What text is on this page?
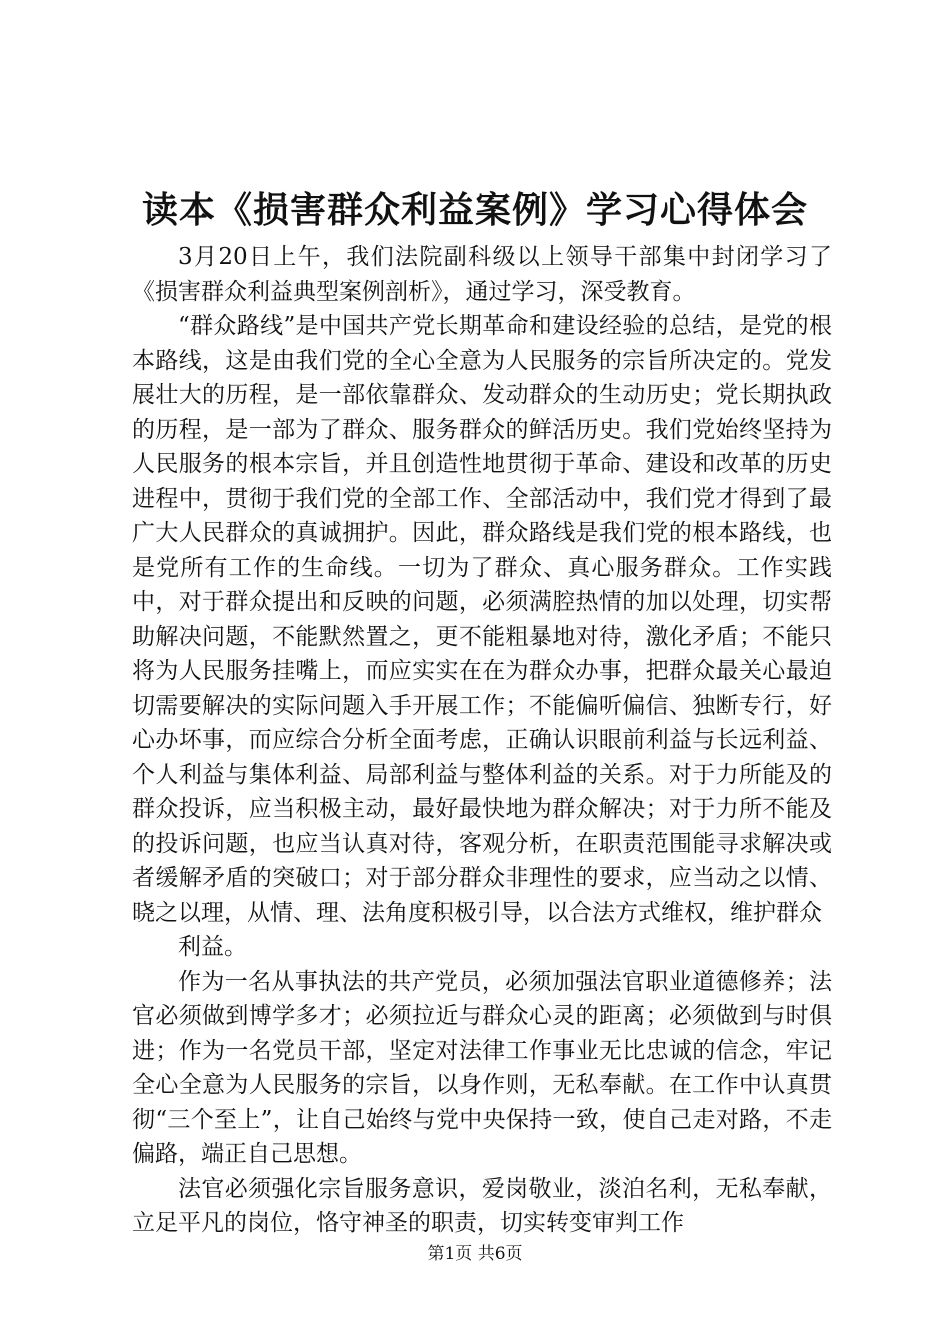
读本《损害群众利益案例》学习心得体会

3月20日上午，我们法院副科级以上领导干部集中封闭学习了《损害群众利益典型案例剖析》，通过学习，深受教育。

“群众路线”是中国共产党长期革命和建设经验的总结，是党的根本路线，这是由我们党的全心全意为人民服务的宗旨所决定的。党发展壮大的历程，是一部依靠群众、发动群众的生动历史；党长期执政的历程，是一部为了群众、服务群众的鲜活历史。我们党始终坚持为人民服务的根本宗旨，并且创造性地贯彻于革命、建设和改革的历史进程中，贯彻于我们党的全部工作、全部活动中，我们党才得到了最广大人民群众的真诚拥护。因此，群众路线是我们党的根本路线，也是党所有工作的生命线。一切为了群众、真心服务群众。工作实践中，对于群众提出和反映的问题，必须满腔热情的加以处理，切实帮助解决问题，不能默然置之，更不能粗暴地对待，激化矛盾；不能只将为人民服务挂嘴上，而应实实在在为群众办事，把群众最关心最迫切需要解决的实际问题入手开展工作；不能偏听偏信、独断专行，好心办坏事，而应综合分析全面考虑，正确认识眼前利益与长远利益、个人利益与集体利益、局部利益与整体利益的关系。对于力所能及的群众投诉，应当积极主动，最好最快地为群众解决；对于力所不能及的投诉问题，也应当认真对待，客观分析，在职责范围能寻求解决或者缓解矛盾的突破口；对于部分群众非理性的要求，应当动之以情、晓之以理，从情、理、法角度积极引导，以合法方式维权，维护群众

利益。

作为一名从事执法的共产党员，必须加强法官职业道德修养；法官必须做到博学多才；必须拉近与群众心灵的距离；必须做到与时俱进；作为一名党员干部，坚定对法律工作事业无比忠诚的信念，牢记全心全意为人民服务的宗旨，以身作则，无私奉献。在工作中认真贯彻“三个至上”，让自己始终与党中央保持一致，使自己走对路，不走偏路，端正自己思想。

法官必须强化宗旨服务意识，爱岗敬业，淡泊名利，无私奉献，立足平凡的岗位，恪守神圣的职责，切实转变审判工作

第1页 共6页
